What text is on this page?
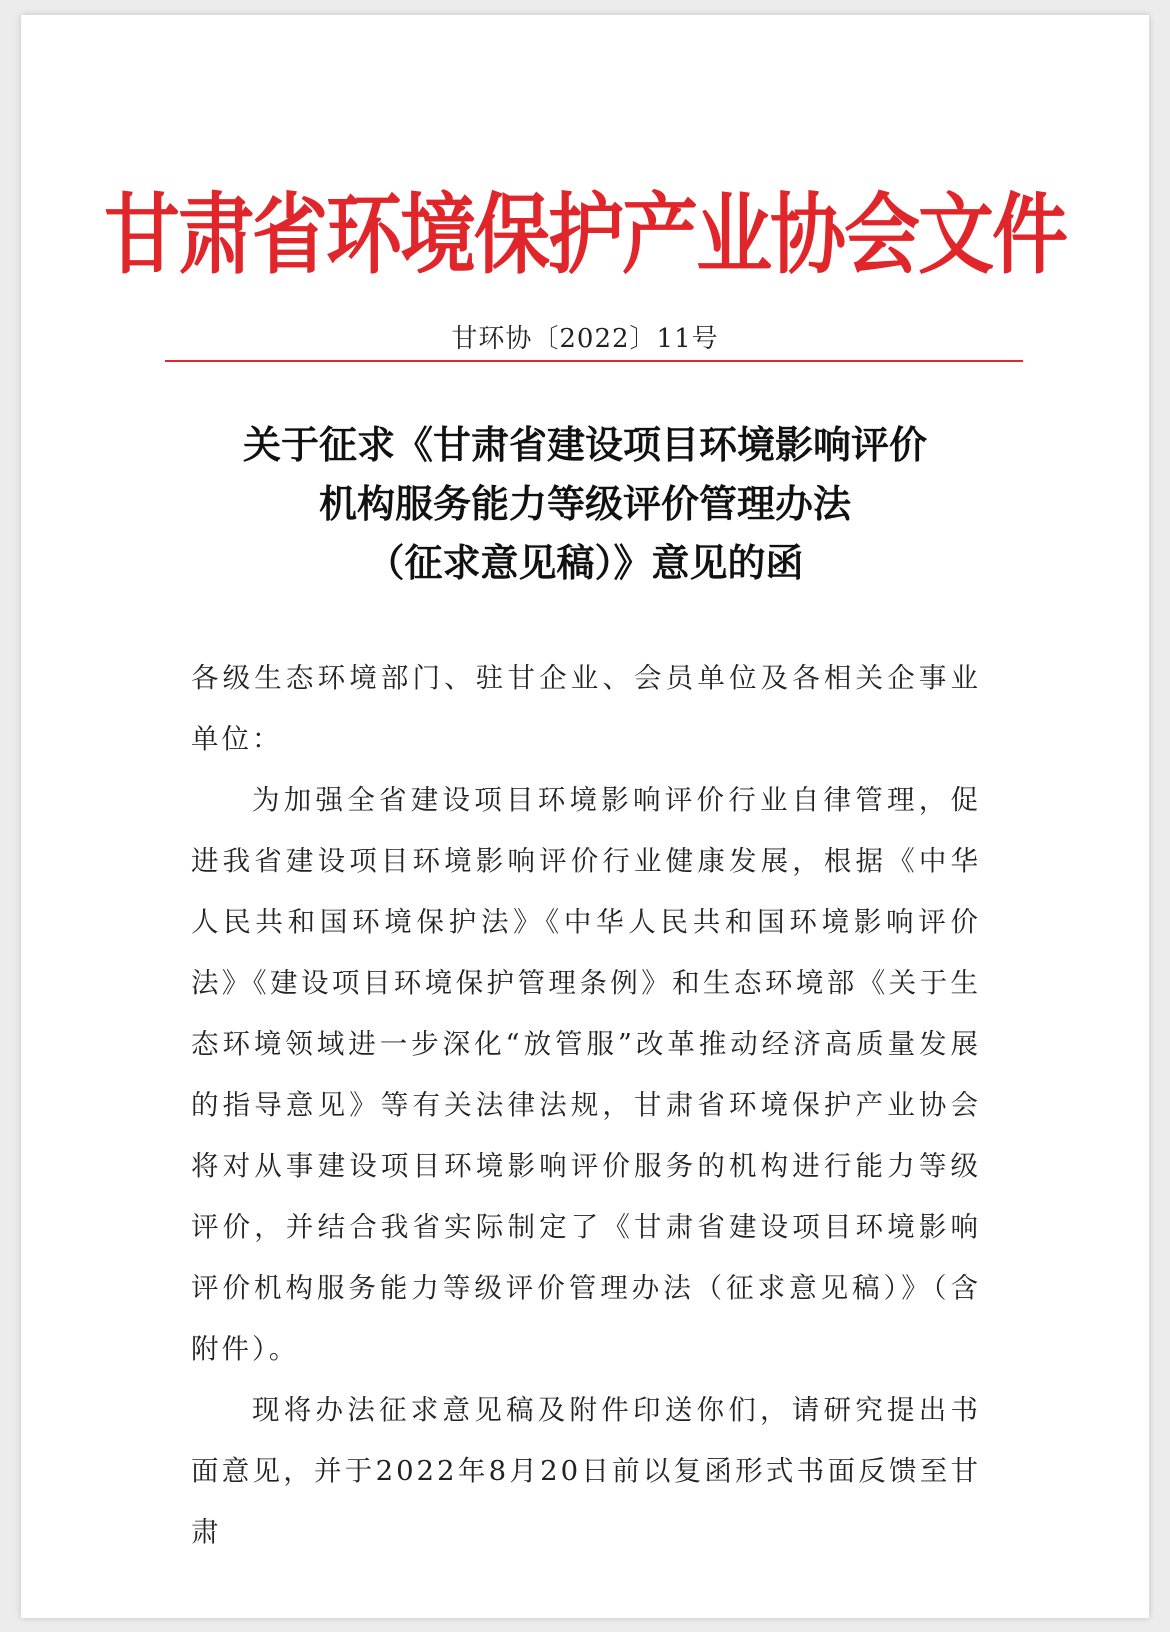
甘肃省环境保护产业协会文件
甘环协〔2022〕11号
关于征求《甘肃省建设项目环境影响评价
机构服务能力等级评价管理办法
（征求意见稿）》意见的函

各级生态环境部门、驻甘企业、会员单位及各相关企事业单位：

为加强全省建设项目环境影响评价行业自律管理，促进我省建设项目环境影响评价行业健康发展，根据《中华人民共和国环境保护法》《中华人民共和国环境影响评价法》《建设项目环境保护管理条例》和生态环境部《关于生态环境领域进一步深化“放管服”改革推动经济高质量发展的指导意见》等有关法律法规，甘肃省环境保护产业协会将对从事建设项目环境影响评价服务的机构进行能力等级评价，并结合我省实际制定了《甘肃省建设项目环境影响评价机构服务能力等级评价管理办法（征求意见稿）》（含附件）。

现将办法征求意见稿及附件印送你们，请研究提出书面意见，并于2022年8月20日前以复函形式书面反馈至甘肃
